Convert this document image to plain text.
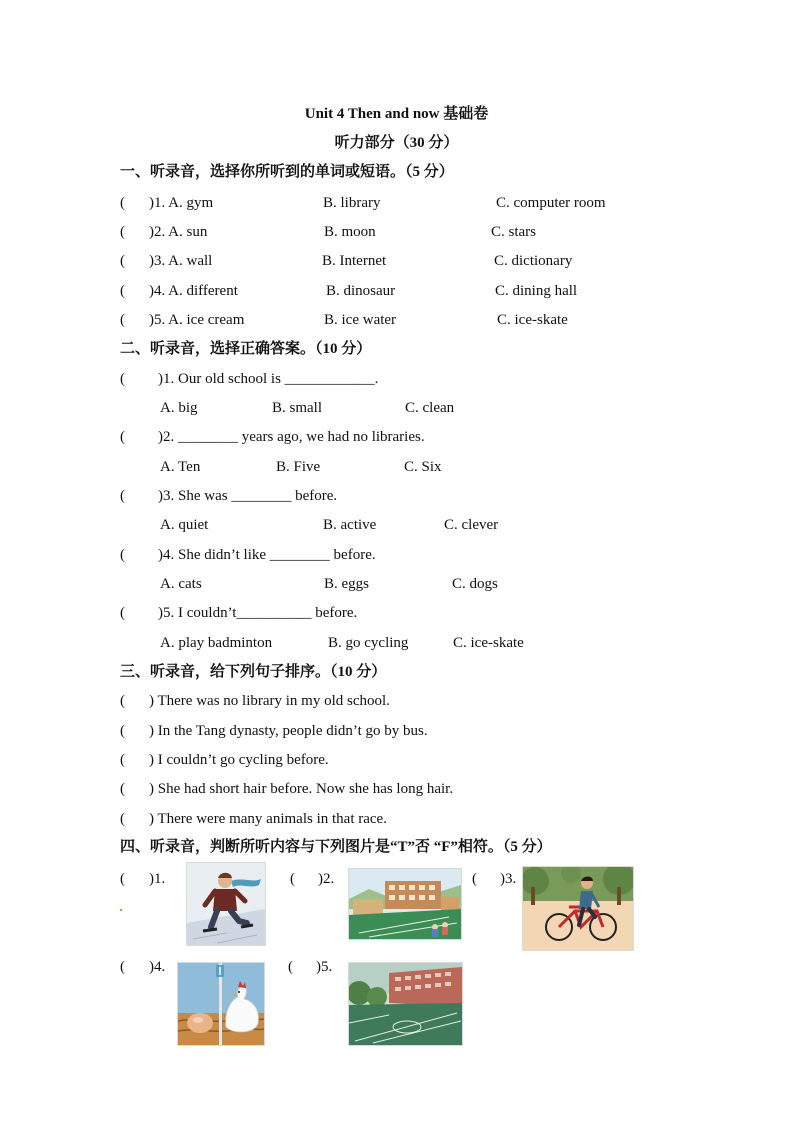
Unit 4 Then and now 基础卷
听力部分（30 分）
一、听录音，选择你所听到的单词或短语。（5 分）
( )1. A. gym	B. library	C. computer room
( )2. A. sun	B. moon	C. stars
( )3. A. wall	B. Internet	C. dictionary
( )4. A. different	B. dinosaur	C. dining hall
( )5. A. ice cream	B. ice water	C. ice-skate
二、听录音，选择正确答案。（10 分）
( )1. Our old school is ____________.
A. big	B. small	C. clean
( )2. ________ years ago, we had no libraries.
A. Ten	B. Five	C. Six
( )3. She was ________ before.
A. quiet	B. active	C. clever
( )4. She didn’t like ________ before.
A. cats	B. eggs	C. dogs
( )5. I couldn’t__________ before.
A. play badminton	B. go cycling	C. ice-skate
三、听录音，给下列句子排序。（10 分）
( ) There was no library in my old school.
( ) In the Tang dynasty, people didn’t go by bus.
( ) I couldn’t go cycling before.
( ) She had short hair before. Now she has long hair.
( ) There were many animals in that race.
四、听录音，判断所听内容与下列图片是“T”否 “F”相符。（5 分）
( )1.	( )2.	( )3.
( )4.	( )5.
